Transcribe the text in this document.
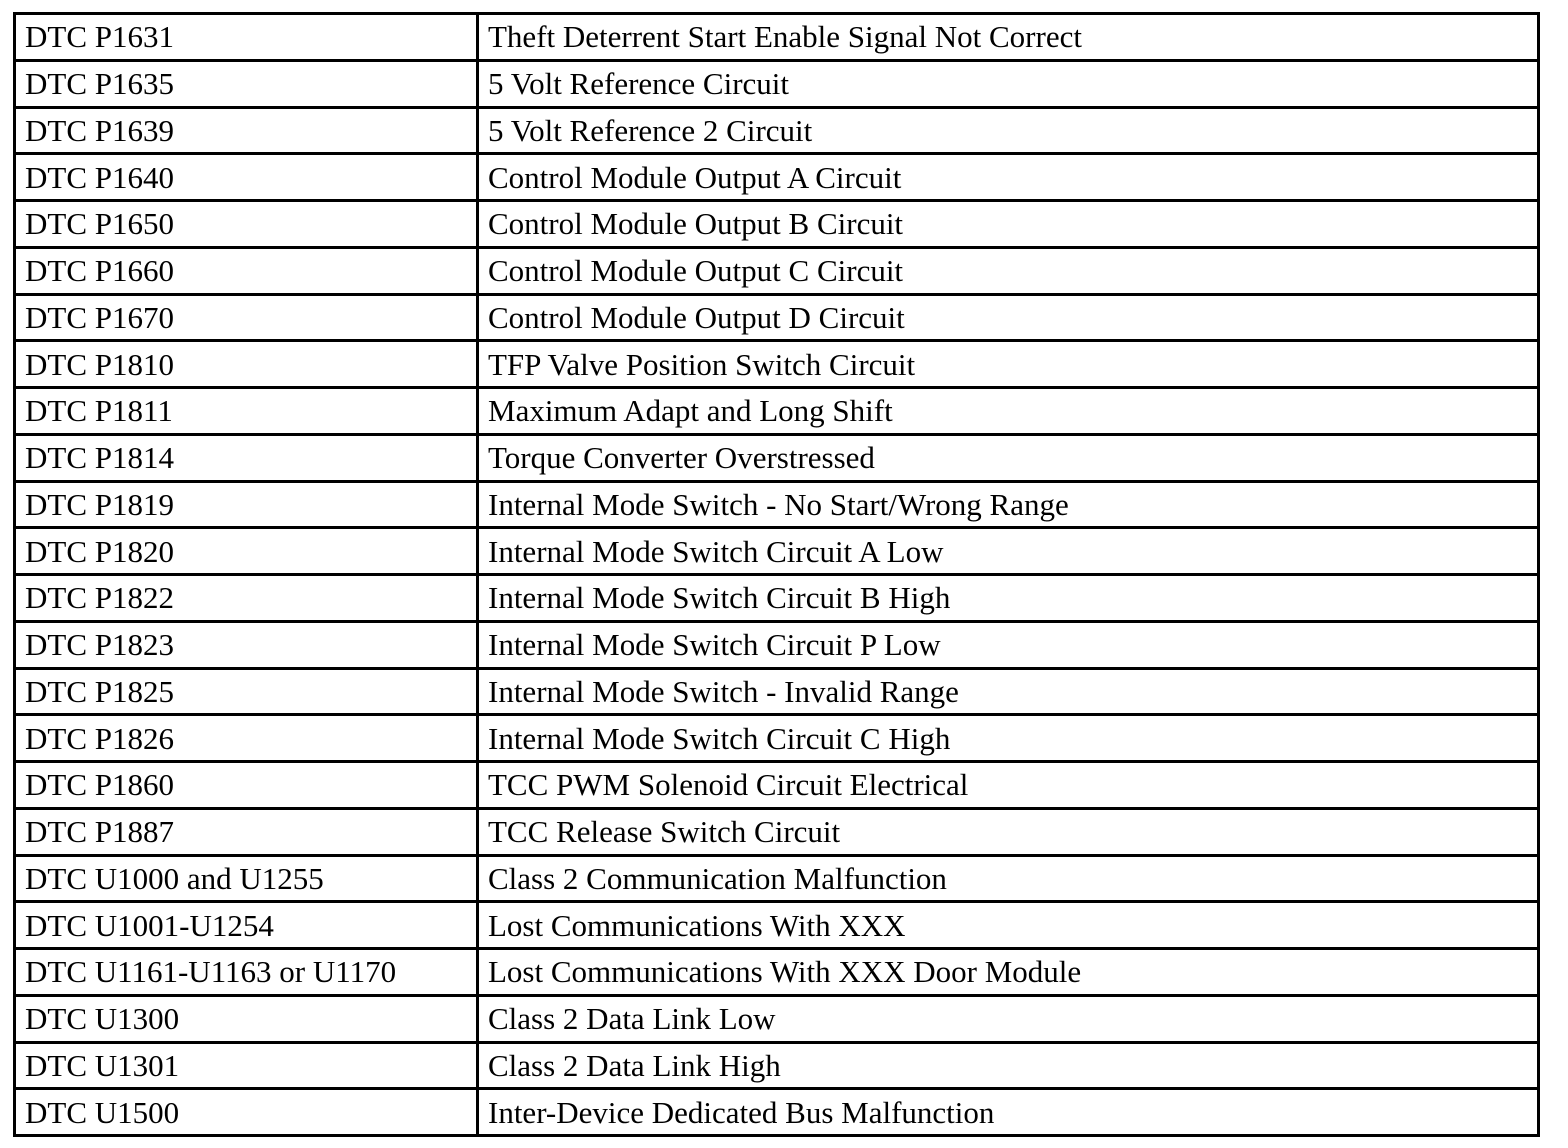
DTC P1631	Theft Deterrent Start Enable Signal Not Correct
DTC P1635	5 Volt Reference Circuit
DTC P1639	5 Volt Reference 2 Circuit
DTC P1640	Control Module Output A Circuit
DTC P1650	Control Module Output B Circuit
DTC P1660	Control Module Output C Circuit
DTC P1670	Control Module Output D Circuit
DTC P1810	TFP Valve Position Switch Circuit
DTC P1811	Maximum Adapt and Long Shift
DTC P1814	Torque Converter Overstressed
DTC P1819	Internal Mode Switch - No Start/Wrong Range
DTC P1820	Internal Mode Switch Circuit A Low
DTC P1822	Internal Mode Switch Circuit B High
DTC P1823	Internal Mode Switch Circuit P Low
DTC P1825	Internal Mode Switch - Invalid Range
DTC P1826	Internal Mode Switch Circuit C High
DTC P1860	TCC PWM Solenoid Circuit Electrical
DTC P1887	TCC Release Switch Circuit
DTC U1000 and U1255	Class 2 Communication Malfunction
DTC U1001-U1254	Lost Communications With XXX
DTC U1161-U1163 or U1170	Lost Communications With XXX Door Module
DTC U1300	Class 2 Data Link Low
DTC U1301	Class 2 Data Link High
DTC U1500	Inter-Device Dedicated Bus Malfunction
